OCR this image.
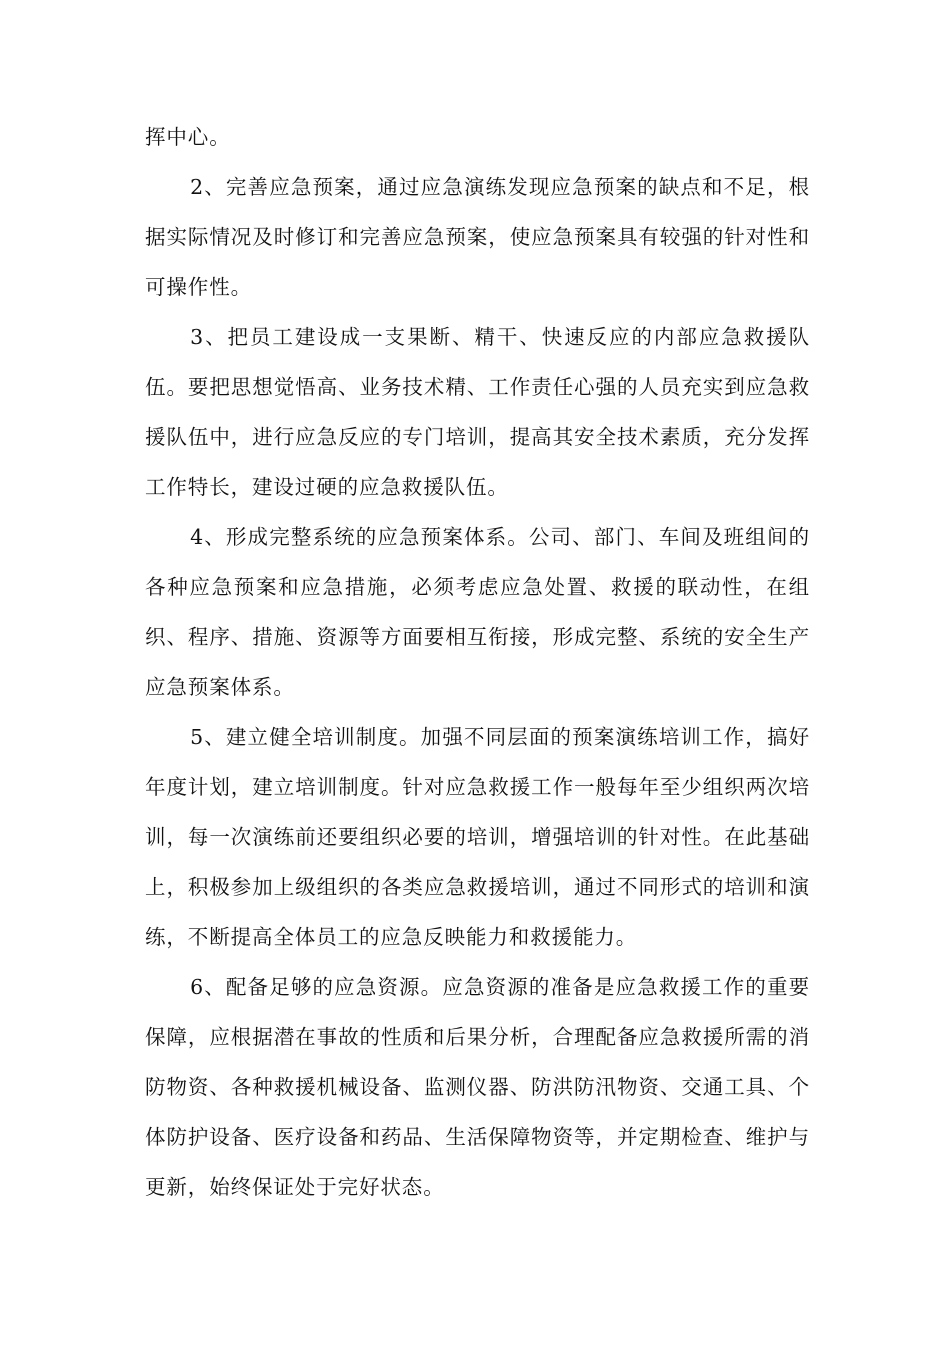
挥中心。

2、完善应急预案，通过应急演练发现应急预案的缺点和不足，根据实际情况及时修订和完善应急预案，使应急预案具有较强的针对性和可操作性。

3、把员工建设成一支果断、精干、快速反应的内部应急救援队伍。要把思想觉悟高、业务技术精、工作责任心强的人员充实到应急救援队伍中，进行应急反应的专门培训，提高其安全技术素质，充分发挥工作特长，建设过硬的应急救援队伍。

4、形成完整系统的应急预案体系。公司、部门、车间及班组间的各种应急预案和应急措施，必须考虑应急处置、救援的联动性，在组织、程序、措施、资源等方面要相互衔接，形成完整、系统的安全生产应急预案体系。

5、建立健全培训制度。加强不同层面的预案演练培训工作，搞好年度计划，建立培训制度。针对应急救援工作一般每年至少组织两次培训，每一次演练前还要组织必要的培训，增强培训的针对性。在此基础上，积极参加上级组织的各类应急救援培训，通过不同形式的培训和演练，不断提高全体员工的应急反映能力和救援能力。

6、配备足够的应急资源。应急资源的准备是应急救援工作的重要保障，应根据潜在事故的性质和后果分析，合理配备应急救援所需的消防物资、各种救援机械设备、监测仪器、防洪防汛物资、交通工具、个体防护设备、医疗设备和药品、生活保障物资等，并定期检查、维护与更新，始终保证处于完好状态。
